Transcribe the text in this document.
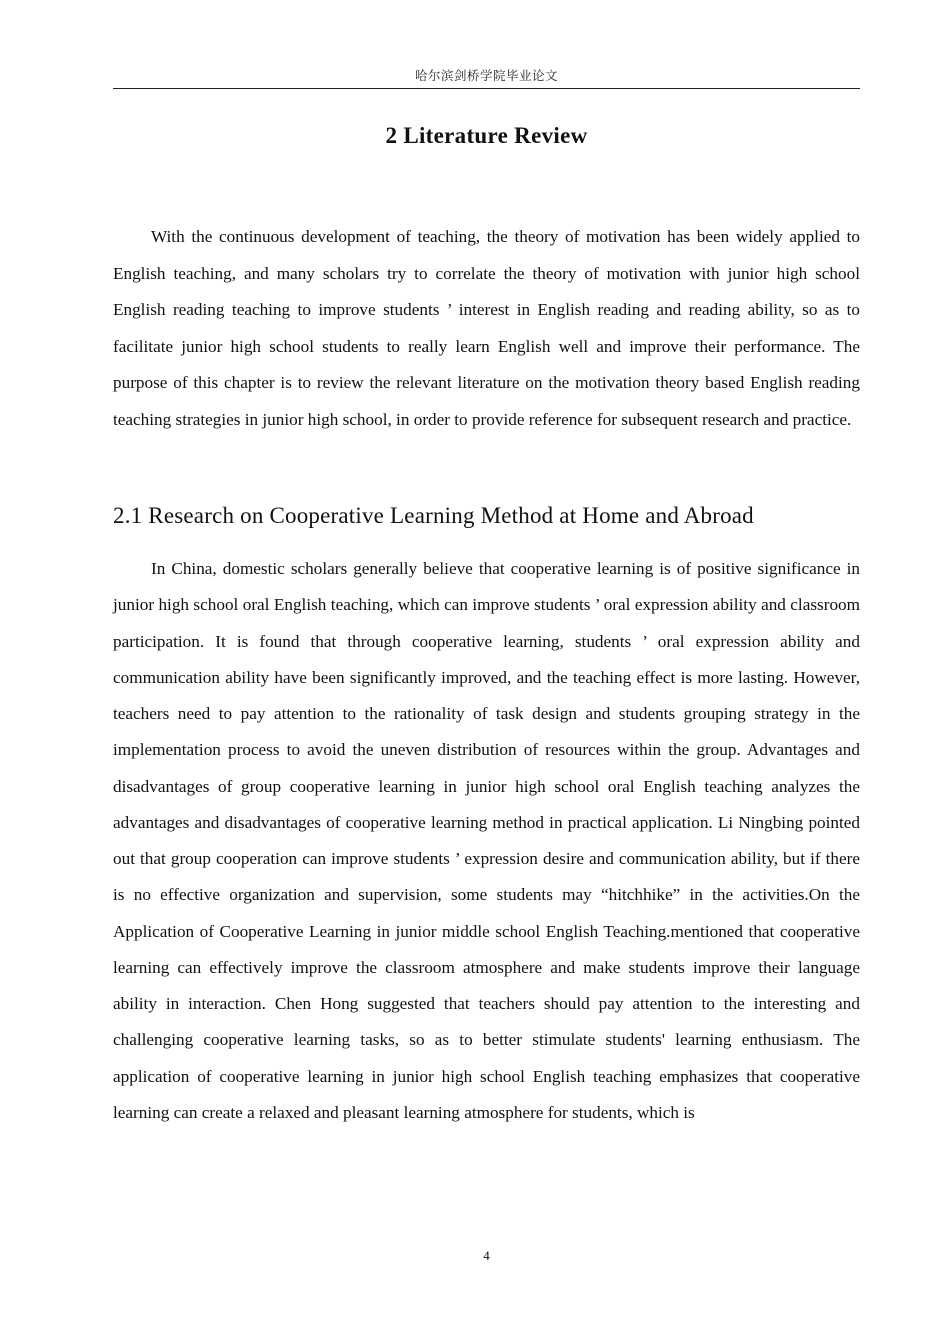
哈尔滨剑桥学院毕业论文
2 Literature Review

With the continuous development of teaching, the theory of motivation has been widely applied to English teaching, and many scholars try to correlate the theory of motivation with junior high school English reading teaching to improve students ’ interest in English reading and reading ability, so as to facilitate junior high school students to really learn English well and improve their performance. The purpose of this chapter is to review the relevant literature on the motivation theory based English reading teaching strategies in junior high school, in order to provide reference for subsequent research and practice.

2.1 Research on Cooperative Learning Method at Home and Abroad

In China, domestic scholars generally believe that cooperative learning is of positive significance in junior high school oral English teaching, which can improve students ’ oral expression ability and classroom participation. It is found that through cooperative learning, students ’ oral expression ability and communication ability have been significantly improved, and the teaching effect is more lasting. However, teachers need to pay attention to the rationality of task design and students grouping strategy in the implementation process to avoid the uneven distribution of resources within the group. Advantages and disadvantages of group cooperative learning in junior high school oral English teaching analyzes the advantages and disadvantages of cooperative learning method in practical application. Li Ningbing pointed out that group cooperation can improve students ’ expression desire and communication ability, but if there is no effective organization and supervision, some students may “hitchhike” in the activities.On the Application of Cooperative Learning in junior middle school English Teaching.mentioned that cooperative learning can effectively improve the classroom atmosphere and make students improve their language ability in interaction. Chen Hong suggested that teachers should pay attention to the interesting and challenging cooperative learning tasks, so as to better stimulate students' learning enthusiasm. The application of cooperative learning in junior high school English teaching emphasizes that cooperative learning can create a relaxed and pleasant learning atmosphere for students, which is

4
